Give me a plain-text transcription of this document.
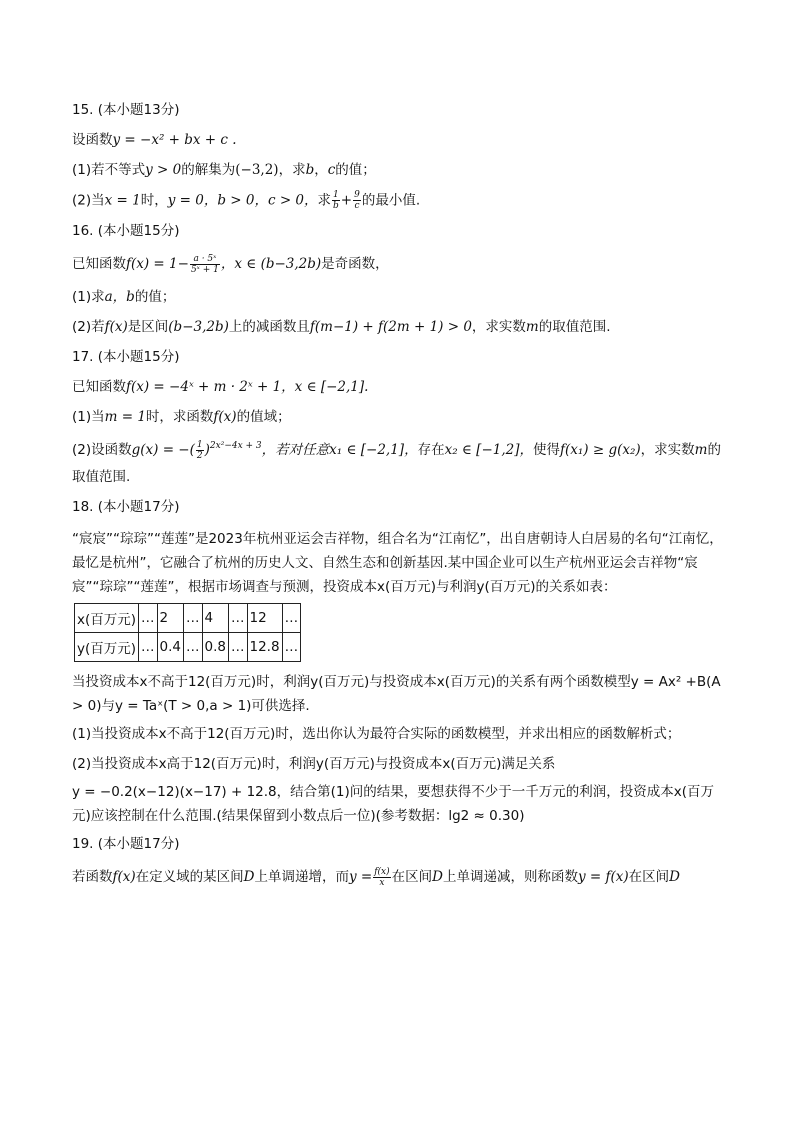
15. (本小题13分)
设函数y = −x² + bx + c .
(1)若不等式y > 0的解集为(−3,2)，求b，c的值；
(2)当x = 1时，y = 0，b > 0，c > 0，求 $\frac{1}{b} + \frac{9}{c}$ 的最小值.
16. (本小题15分)
已知函数$f(x) = 1- \frac{\text{a · 5ˣ}}{\text{5ˣ + 1}}$ ，x ∈ (b−3,2b)是奇函数，
(1)求a，b的值；
(2)若f(x)是区间(b−3,2b)上的减函数且f(m−1) + f(2m + 1) > 0，求实数m的取值范围.
17. (本小题15分)
已知函数f(x) = −4ˣ + m · 2ˣ + 1，x ∈ [−2,1].
(1)当m = 1时，求函数f(x)的值域；
(2)设函数g(x) = −( $\frac{1}{2} )^{2x^2-4x + 3}$，若对任意x₁ ∈ [−2,1]，存在x₂ ∈ [−1,2]，使得f(x₁) ≥ g(x₂)，求实数m的
取值范围.
18. (本小题17分)
“宸宸”“琮琮”“莲莲”是2023年杭州亚运会吉祥物，组合名为“江南忆”，出自唐朝诗人白居易的名句“江南忆，最忆是杭州”，它融合了杭州的历史人文、自然生态和创新基因.某中国企业可以生产杭州亚运会吉祥物“宸宸”“琮琮”“莲莲”，根据市场调查与预测，投资成本x(百万元)与利润y(百万元)的关系如表：
x(百万元)	…	2	…	4	…	12	…
y(百万元)	…	0.4	…	0.8	…	12.8	…
当投资成本x不高于12(百万元)时，利润y(百万元)与投资成本x(百万元)的关系有两个函数模型y = Ax² +B(A > 0)与y = Taˣ(T > 0,a > 1)可供选择.
(1)当投资成本x不高于12(百万元)时，选出你认为最符合实际的函数模型，并求出相应的函数解析式；
(2)当投资成本x高于12(百万元)时，利润y(百万元)与投资成本x(百万元)满足关系
y = −0.2(x−12)(x−17) + 12.8，结合第(1)问的结果，要想获得不少于一千万元的利润，投资成本x(百万元)应该控制在什么范围.(结果保留到小数点后一位)(参考数据：lg2 ≈ 0.30)
19. (本小题17分)
若函数f(x)在定义域的某区间D上单调递增，而$y = \frac{f(x)}{x}$ 在区间D上单调递减，则称函数y = f(x)在区间D
